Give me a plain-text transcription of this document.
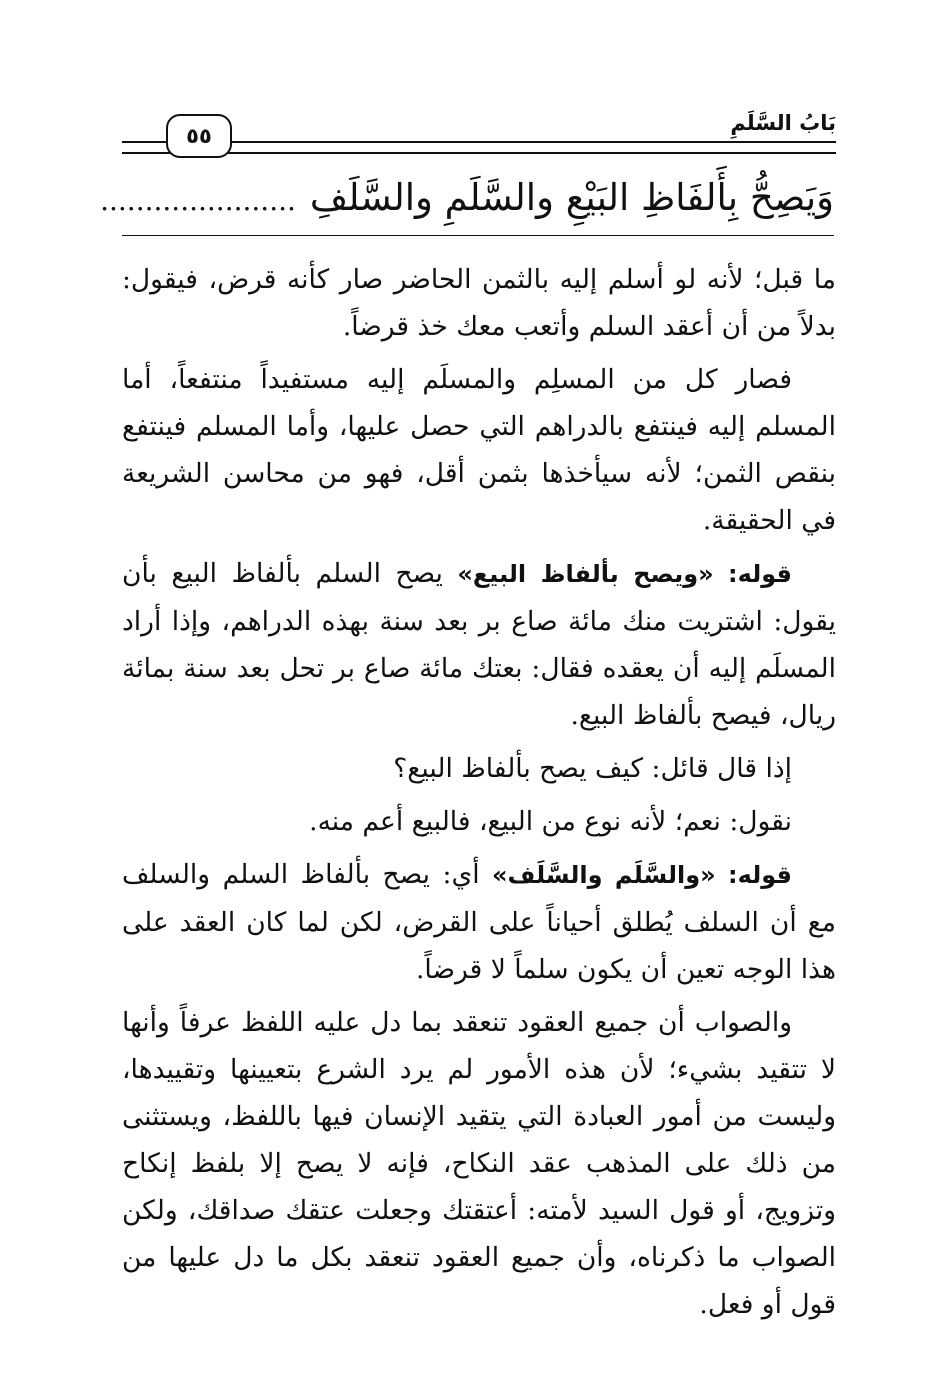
بَابُ السَّلَمِ
٥٥
وَيَصِحُّ بِأَلفَاظِ البَيْعِ والسَّلَمِ والسَّلَفِ......................

ما قبل؛ لأنه لو أسلم إليه بالثمن الحاضر صار كأنه قرض، فيقول: بدلاً من أن أعقد السلم وأتعب معك خذ قرضاً.

فصار كل من المسلِم والمسلَم إليه مستفيداً منتفعاً، أما المسلم إليه فينتفع بالدراهم التي حصل عليها، وأما المسلم فينتفع بنقص الثمن؛ لأنه سيأخذها بثمن أقل، فهو من محاسن الشريعة في الحقيقة.

قوله: «ويصح بألفاظ البيع» يصح السلم بألفاظ البيع بأن يقول: اشتريت منك مائة صاع بر بعد سنة بهذه الدراهم، وإذا أراد المسلَم إليه أن يعقده فقال: بعتك مائة صاع بر تحل بعد سنة بمائة ريال، فيصح بألفاظ البيع.

إذا قال قائل: كيف يصح بألفاظ البيع؟

نقول: نعم؛ لأنه نوع من البيع، فالبيع أعم منه.

قوله: «والسَّلَم والسَّلَف» أي: يصح بألفاظ السلم والسلف مع أن السلف يُطلق أحياناً على القرض، لكن لما كان العقد على هذا الوجه تعين أن يكون سلماً لا قرضاً.

والصواب أن جميع العقود تنعقد بما دل عليه اللفظ عرفاً وأنها لا تتقيد بشيء؛ لأن هذه الأمور لم يرد الشرع بتعيينها وتقييدها، وليست من أمور العبادة التي يتقيد الإنسان فيها باللفظ، ويستثنى من ذلك على المذهب عقد النكاح، فإنه لا يصح إلا بلفظ إنكاح وتزويج، أو قول السيد لأمته: أعتقتك وجعلت عتقك صداقك، ولكن الصواب ما ذكرناه، وأن جميع العقود تنعقد بكل ما دل عليها من قول أو فعل.
